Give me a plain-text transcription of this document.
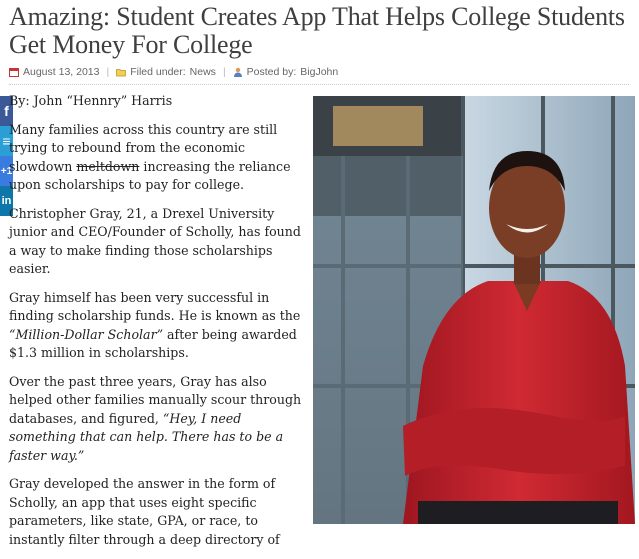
Amazing: Student Creates App That Helps College Students Get Money For College
August 13, 2013 | Filed under: News | Posted by: BigJohn
f
≡
+1
in

By: John “Hennry” Harris

Many families across this country are still trying to rebound from the economic slowdown meltdown increasing the reliance upon scholarships to pay for college.

Christopher Gray, 21, a Drexel University junior and CEO/Founder of Scholly, has found a way to make finding those scholarships easier.

Gray himself has been very successful in finding scholarship funds. He is known as the “Million-Dollar Scholar” after being awarded $1.3 million in scholarships.

Over the past three years, Gray has also helped other families manually scour through databases, and figured, “Hey, I need something that can help. There has to be a faster way.”

Gray developed the answer in the form of Scholly, an app that uses eight specific parameters, like state, GPA, or race, to instantly filter through a deep directory of
